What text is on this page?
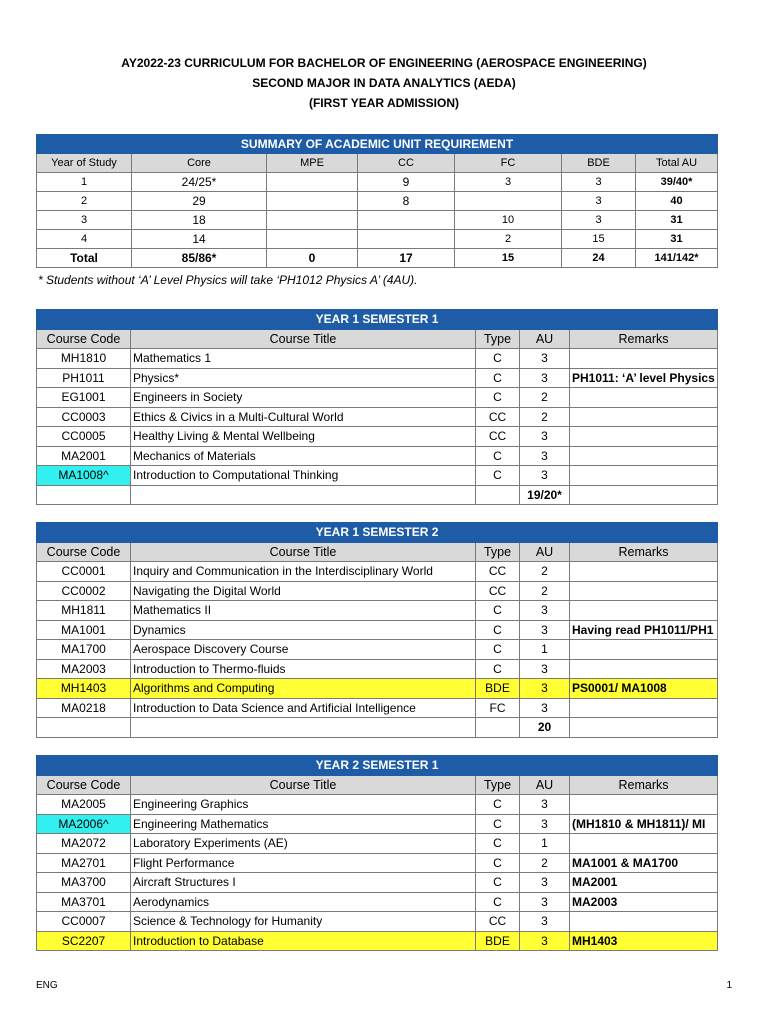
AY2022-23 CURRICULUM FOR BACHELOR OF ENGINEERING (AEROSPACE ENGINEERING)
SECOND MAJOR IN DATA ANALYTICS (AEDA)
(FIRST YEAR ADMISSION)
SUMMARY OF ACADEMIC UNIT REQUIREMENT						
Year of Study	Core	MPE	CC	FC	BDE	Total AU
1	24/25*		9	3	3	39/40*
2	29		8		3	40
3	18			10	3	31
4	14			2	15	31
Total	85/86*	0	17	15	24	141/142*
* Students without ‘A’ Level Physics will take ‘PH1012 Physics A’ (4AU).
YEAR 1 SEMESTER 1				
Course Code	Course Title	Type	AU	Remarks
MH1810	Mathematics 1	C	3	
PH1011	Physics*	C	3	PH1011: ‘A’ level Physics
EG1001	Engineers in Society	C	2	
CC0003	Ethics & Civics in a Multi-Cultural World	CC	2	
CC0005	Healthy Living & Mental Wellbeing	CC	3	
MA2001	Mechanics of Materials	C	3	
MA1008^	Introduction to Computational Thinking	C	3	
			19/20*	
YEAR 1 SEMESTER 2				
Course Code	Course Title	Type	AU	Remarks
CC0001	Inquiry and Communication in the Interdisciplinary World	CC	2	
CC0002	Navigating the Digital World	CC	2	
MH1811	Mathematics II	C	3	
MA1001	Dynamics	C	3	Having read PH1011/PH1
MA1700	Aerospace Discovery Course	C	1	
MA2003	Introduction to Thermo-fluids	C	3	
MH1403	Algorithms and Computing	BDE	3	PS0001/ MA1008
MA0218	Introduction to Data Science and Artificial Intelligence	FC	3	
			20	
YEAR 2 SEMESTER 1				
Course Code	Course Title	Type	AU	Remarks
MA2005	Engineering Graphics	C	3	
MA2006^	Engineering Mathematics	C	3	(MH1810 & MH1811)/ MI
MA2072	Laboratory Experiments (AE)	C	1	
MA2701	Flight Performance	C	2	MA1001 & MA1700
MA3700	Aircraft Structures I	C	3	MA2001
MA3701	Aerodynamics	C	3	MA2003
CC0007	Science & Technology for Humanity	CC	3	
SC2207	Introduction to Database	BDE	3	MH1403
ENG	1
